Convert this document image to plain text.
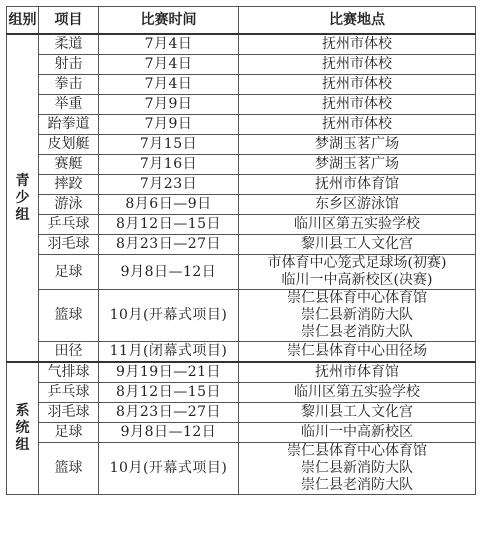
组别	项目	比赛时间	比赛地点

青
少
组	柔道	7月4日	抚州市体校

	射击	7月4日	抚州市体校

	拳击	7月4日	抚州市体校

	举重	7月9日	抚州市体校

	跆拳道	7月9日	抚州市体校

	皮划艇	7月15日	梦湖玉茗广场

	赛艇	7月16日	梦湖玉茗广场

	摔跤	7月23日	抚州市体育馆

	游泳	8月6日—9日	东乡区游泳馆

	乒乓球	8月12日—15日	临川区第五实验学校

	羽毛球	8月23日—27日	黎川县工人文化宫

	足球	9月8日—12日	市体育中心笼式足球场(初赛)
临川一中高新校区(决赛)

	篮球	10月(开幕式项目)	崇仁县体育中心体育馆
崇仁县新消防大队
崇仁县老消防大队

	田径	11月(闭幕式项目)	崇仁县体育中心田径场

系
统
组	气排球	9月19日—21日	抚州市体育馆

	乒乓球	8月12日—15日	临川区第五实验学校

	羽毛球	8月23日—27日	黎川县工人文化宫

	足球	9月8日—12日	临川一中高新校区

	篮球	10月(开幕式项目)	崇仁县体育中心体育馆
崇仁县新消防大队
崇仁县老消防大队
